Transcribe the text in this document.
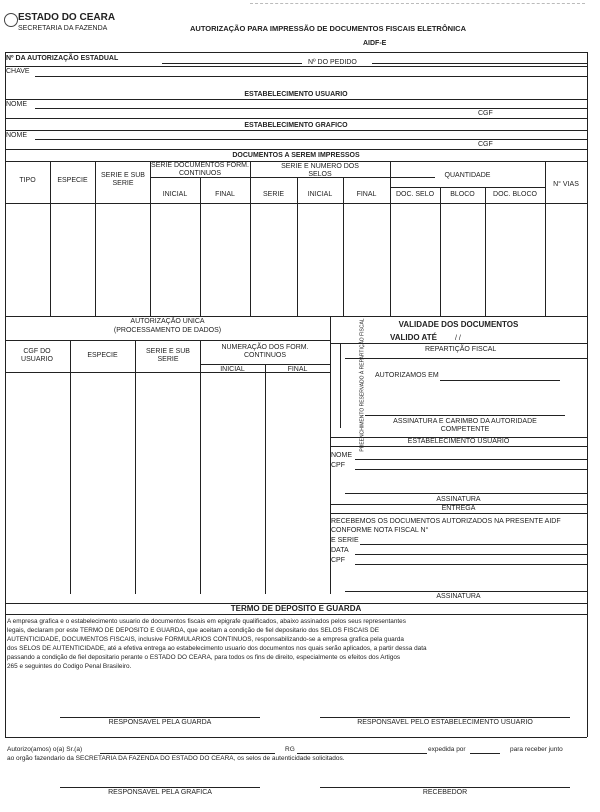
ESTADO DO CEARA
SECRETARIA DA FAZENDA	AUTORIZAÇÃO PARA IMPRESSÃO DE DOCUMENTOS FISCAIS ELETRÔNICA
AIDF-E
Nº DA AUTORIZAÇÃO ESTADUAL
Nº DO PEDIDO
CHAVE
ESTABELECIMENTO USUARIO
NOME
CGF
ESTABELECIMENTO GRAFICO
NOME
CGF
DOCUMENTOS A SEREM IMPRESSOS
TIPO	ESPECIE
SERIE E SUB SERIE
SERIE DOCUMENTOS FORM. CONTINUOS
INICIAL	FINAL
SERIE E NUMERO DOS SELOS
SERIE	INICIAL	FINAL
QUANTIDADE
DOC. SELO	BLOCO	DOC. BLOCO
N° VIAS
AUTORIZAÇÃO UNICA
(PROCESSAMENTO DE DADOS)
CGF DO USUARIO
ESPECIE
SERIE E SUB SERIE
NUMERAÇÃO DOS FORM. CONTINUOS
INICIAL	FINAL
VALIDADE DOS DOCUMENTOS
VALIDO ATÉ	/ /
PREENCHIMENTO RESERVADO À REPARTIÇÃO FISCAL	REPARTIÇÃO FISCAL
AUTORIZAMOS EM
ASSINATURA E CARIMBO DA AUTORIDADE COMPETENTE
ESTABELECIMENTO USUARIO
NOME
CPF
ASSINATURA
ENTREGA
RECEBEMOS OS DOCUMENTOS AUTORIZADOS NA PRESENTE AIDF CONFORME NOTA FISCAL N°
E SERIE
DATA
CPF
ASSINATURA
TERMO DE DEPOSITO E GUARDA
A empresa grafica e o estabelecimento usuario de documentos fiscais em epigrafe qualificados, abaixo assinados pelos seus representantes
legais, declaram por este TERMO DE DEPOSITO E GUARDA, que aceitam a condição de fiel depositario dos SELOS FISCAIS DE
AUTENTICIDADE, DOCUMENTOS FISCAIS, inclusive FORMULARIOS CONTINUOS, responsabilizando-se a empresa grafica pela guarda
dos SELOS DE AUTENTICIDADE, até a efetiva entrega ao estabelecimento usuario dos documentos nos quais serão aplicados, a partir dessa data
passando a condição de fiel depositario perante o ESTADO DO CEARA, para todos os fins de direito, especialmente os efeitos dos Artigos
265 e seguintes do Codigo Penal Brasileiro.
RESPONSAVEL PELA GUARDA	RESPONSAVEL PELO ESTABELECIMENTO USUARIO
Autorizo(amos) o(a) Sr.(a)	RG	expedida por	para receber junto
ao orgão fazendario da SECRETARIA DA FAZENDA DO ESTADO DO CEARA, os selos de autenticidade solicitados.
RESPONSAVEL PELA GRAFICA	RECEBEDOR
